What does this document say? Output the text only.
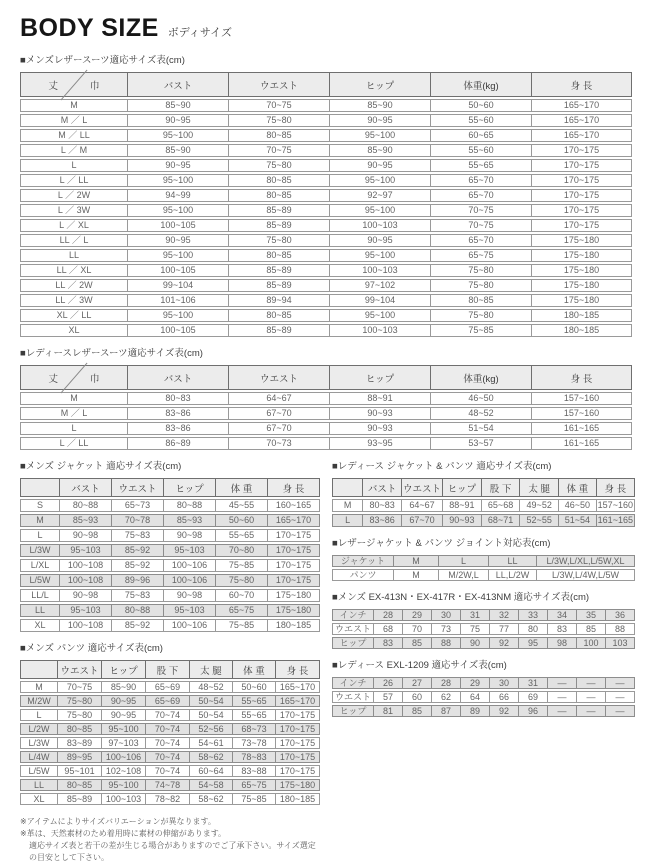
BODY SIZE ボディサイズ
■メンズレザースーツ適応サイズ表(cm)
丈 巾	バスト	ウエスト	ヒップ	体重(kg)	身 長
M	85~90	70~75	85~90	50~60	165~170
M ／ L	90~95	75~80	90~95	55~60	165~170
M ／ LL	95~100	80~85	95~100	60~65	165~170
L ／ M	85~90	70~75	85~90	55~60	170~175
L	90~95	75~80	90~95	55~65	170~175
L ／ LL	95~100	80~85	95~100	65~70	170~175
L ／ 2W	94~99	80~85	92~97	65~70	170~175
L ／ 3W	95~100	85~89	95~100	70~75	170~175
L ／ XL	100~105	85~89	100~103	70~75	170~175
LL ／ L	90~95	75~80	90~95	65~70	175~180
LL	95~100	80~85	95~100	65~75	175~180
LL ／ XL	100~105	85~89	100~103	75~80	175~180
LL ／ 2W	99~104	85~89	97~102	75~80	175~180
LL ／ 3W	101~106	89~94	99~104	80~85	175~180
XL ／ LL	95~100	80~85	95~100	75~80	180~185
XL	100~105	85~89	100~103	75~85	180~185
■レディースレザースーツ適応サイズ表(cm)
丈 巾	バスト	ウエスト	ヒップ	体重(kg)	身 長
M	80~83	64~67	88~91	46~50	157~160
M ／ L	83~86	67~70	90~93	48~52	157~160
L	83~86	67~70	90~93	51~54	161~165
L ／ LL	86~89	70~73	93~95	53~57	161~165
■メンズ ジャケット 適応サイズ表(cm)
	バスト	ウエスト	ヒップ	体 重	身 長
S	80~88	65~73	80~88	45~55	160~165
M	85~93	70~78	85~93	50~60	165~170
L	90~98	75~83	90~98	55~65	170~175
L/3W	95~103	85~92	95~103	70~80	170~175
L/XL	100~108	85~92	100~106	75~85	170~175
L/5W	100~108	89~96	100~106	75~80	170~175
LL/L	90~98	75~83	90~98	60~70	175~180
LL	95~103	80~88	95~103	65~75	175~180
XL	100~108	85~92	100~106	75~85	180~185
■メンズ パンツ 適応サイズ表(cm)
	ウエスト	ヒップ	股 下	太 腿	体 重	身 長
M	70~75	85~90	65~69	48~52	50~60	165~170
M/2W	75~80	90~95	65~69	50~54	55~65	165~170
L	75~80	90~95	70~74	50~54	55~65	170~175
L/2W	80~85	95~100	70~74	52~56	68~73	170~175
L/3W	83~89	97~103	70~74	54~61	73~78	170~175
L/4W	89~95	100~106	70~74	58~62	78~83	170~175
L/5W	95~101	102~108	70~74	60~64	83~88	170~175
LL	80~85	95~100	74~78	54~58	65~75	175~180
XL	85~89	100~103	78~82	58~62	75~85	180~185
※アイテムによりサイズバリエーションが異なります。
※革は、天然素材のため着用時に素材の伸縮があります。
適応サイズ表と若干の差が生じる場合がありますのでご了承下さい。サイズ選定の目安として下さい。
■レディース ジャケット & パンツ 適応サイズ表(cm)
	バスト	ウエスト	ヒップ	股 下	太 腿	体 重	身 長
M	80~83	64~67	88~91	65~68	49~52	46~50	157~160
L	83~86	67~70	90~93	68~71	52~55	51~54	161~165
■レザージャケット & パンツ ジョイント対応表(cm)
ジャケット	M	L	LL	L/3W,L/XL,L/5W,XL
パンツ	M	M/2W,L	LL,L/2W	L/3W,L/4W,L/5W
■メンズ EX-413N・EX-417R・EX-413NM 適応サイズ表(cm)
インチ	28	29	30	31	32	33	34	35	36
ウエスト	68	70	73	75	77	80	83	85	88
ヒップ	83	85	88	90	92	95	98	100	103
■レディース EXL-1209 適応サイズ表(cm)
インチ	26	27	28	29	30	31	—	—	—
ウエスト	57	60	62	64	66	69	—	—	—
ヒップ	81	85	87	89	92	96	—	—	—
